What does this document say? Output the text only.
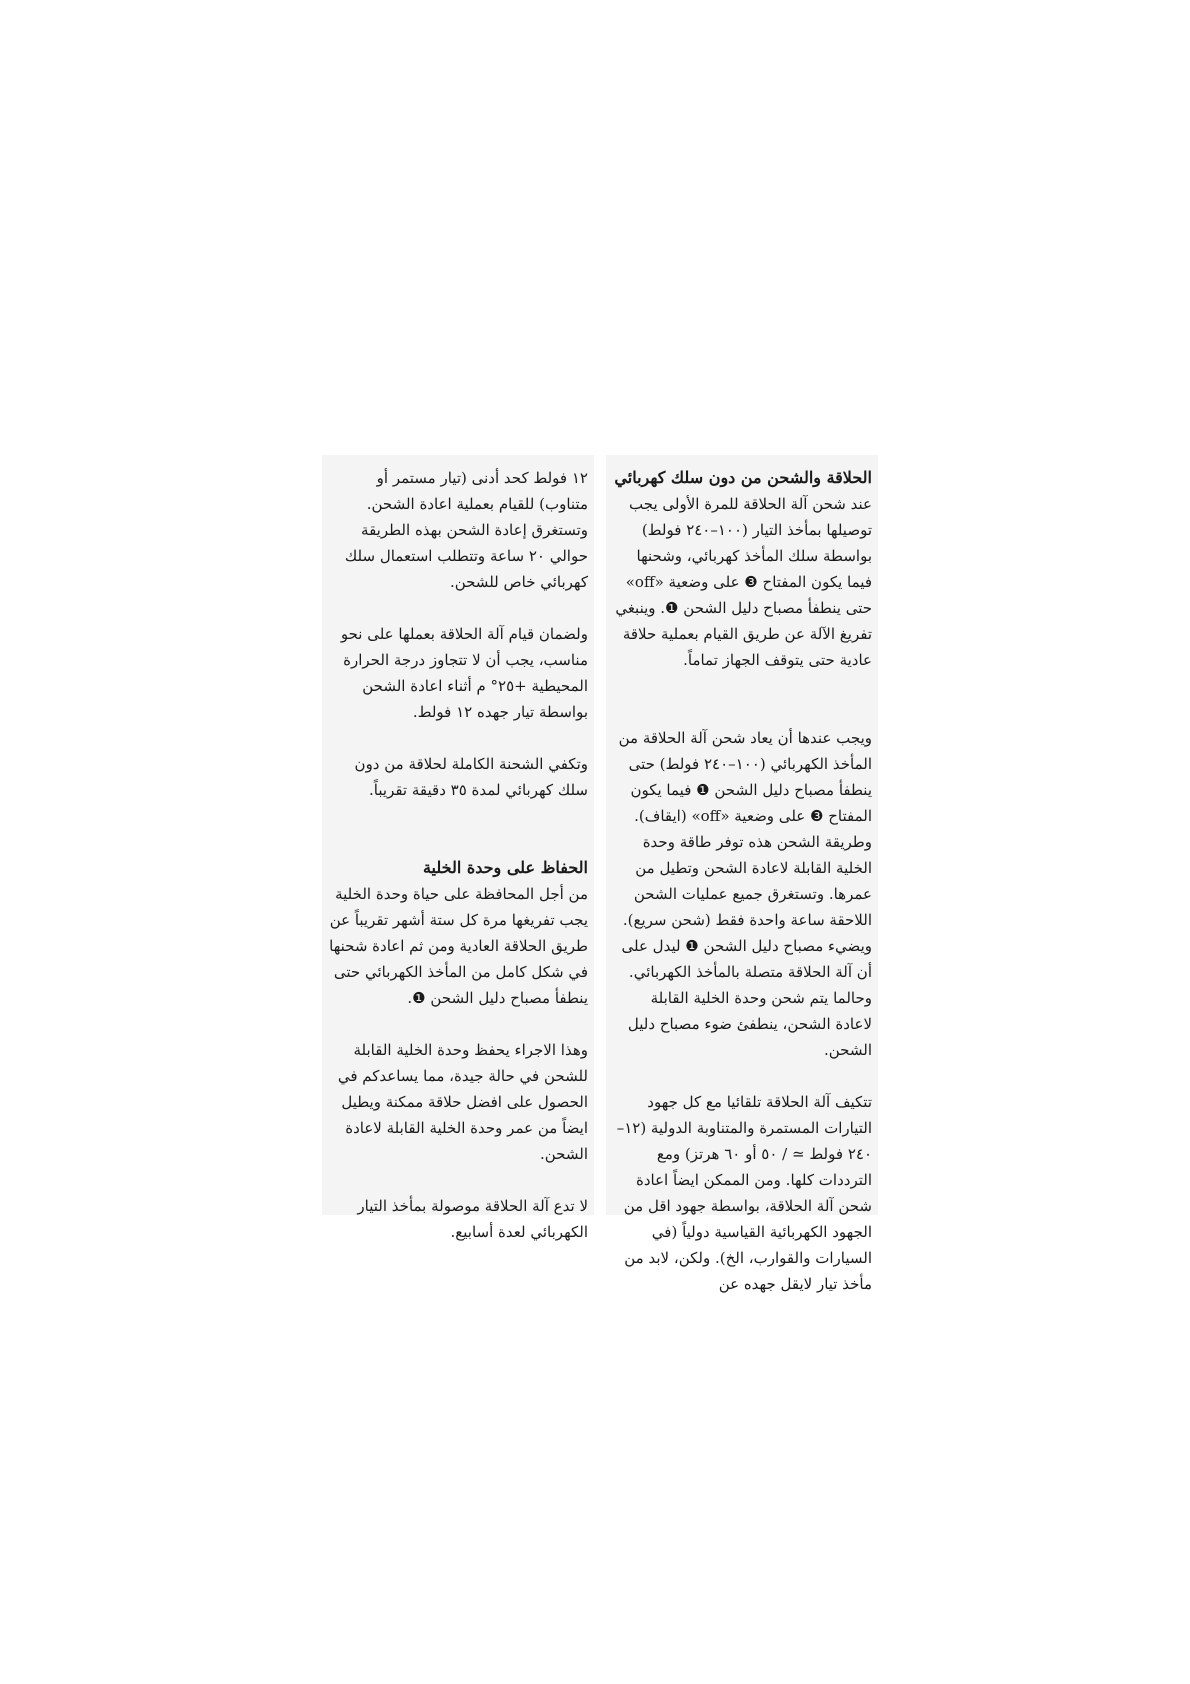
الحلاقة والشحن من دون سلك كهربائي

عند شحن آلة الحلاقة للمرة الأولى يجب توصيلها بمأخذ التيار (١٠٠–٢٤٠ فولط) بواسطة سلك المأخذ كهربائي، وشحنها فيما يكون المفتاح ❸ على وضعية «off» حتى ينطفأ مصباح دليل الشحن ❶. وينبغي تفريغ الآلة عن طريق القيام بعملية حلاقة عادية حتى يتوقف الجهاز تماماً.

ويجب عندها أن يعاد شحن آلة الحلاقة من المأخذ الكهربائي (١٠٠–٢٤٠ فولط) حتى ينطفأ مصباح دليل الشحن ❶ فيما يكون المفتاح ❸ على وضعية «off» (ايقاف). وطريقة الشحن هذه توفر طاقة وحدة الخلية القابلة لاعادة الشحن وتطيل من عمرها. وتستغرق جميع عمليات الشحن اللاحقة ساعة واحدة فقط (شحن سريع). ويضيء مصباح دليل الشحن ❶ ليدل على أن آلة الحلاقة متصلة بالمأخذ الكهربائي. وحالما يتم شحن وحدة الخلية القابلة لاعادة الشحن، ينطفئ ضوء مصباح دليل الشحن.

تتكيف آلة الحلاقة تلقائيا مع كل جهود التيارات المستمرة والمتناوبة الدولية (١٢–٢٤٠ فولط ≃ / ٥٠ أو ٦٠ هرتز) ومع الترددات كلها. ومن الممكن ايضاً اعادة شحن آلة الحلاقة، بواسطة جهود اقل من الجهود الكهربائية القياسية دولياً (في السيارات والقوارب، الخ). ولكن، لابد من مأخذ تيار لايقل جهده عن

١٢ فولط كحد أدنى (تيار مستمر أو متناوب) للقيام بعملية اعادة الشحن. وتستغرق إعادة الشحن بهذه الطريقة حوالي ٢٠ ساعة وتتطلب استعمال سلك كهربائي خاص للشحن.

ولضمان قيام آلة الحلاقة بعملها على نحو مناسب، يجب أن لا تتجاوز درجة الحرارة المحيطية +٢٥° م أثناء اعادة الشحن بواسطة تيار جهده ١٢ فولط.

وتكفي الشحنة الكاملة لحلاقة من دون سلك كهربائي لمدة ٣٥ دقيقة تقريباً.

الحفاظ على وحدة الخلية

من أجل المحافظة على حياة وحدة الخلية يجب تفريغها مرة كل ستة أشهر تقريباً عن طريق الحلاقة العادية ومن ثم اعادة شحنها في شكل كامل من المأخذ الكهربائي حتى ينطفأ مصباح دليل الشحن ❶.

وهذا الاجراء يحفظ وحدة الخلية القابلة للشحن في حالة جيدة، مما يساعدكم في الحصول على افضل حلاقة ممكنة ويطيل ايضاً من عمر وحدة الخلية القابلة لاعادة الشحن.

لا تدع آلة الحلاقة موصولة بمأخذ التيار الكهربائي لعدة أسابيع.
